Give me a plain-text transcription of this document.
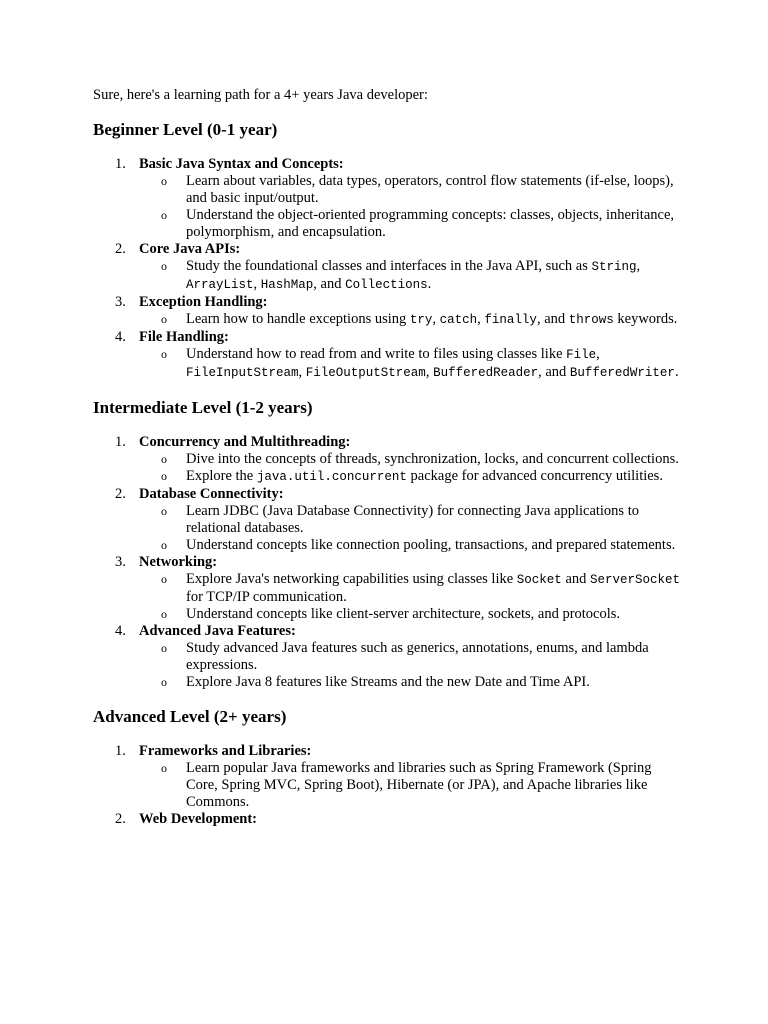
Sure, here's a learning path for a 4+ years Java developer:

Beginner Level (0-1 year)
1. Basic Java Syntax and Concepts:
o Learn about variables, data types, operators, control flow statements (if-else, loops), and basic input/output.
o Understand the object-oriented programming concepts: classes, objects, inheritance, polymorphism, and encapsulation.
2. Core Java APIs:
o Study the foundational classes and interfaces in the Java API, such as String, ArrayList, HashMap, and Collections.
3. Exception Handling:
o Learn how to handle exceptions using try, catch, finally, and throws keywords.
4. File Handling:
o Understand how to read from and write to files using classes like File, FileInputStream, FileOutputStream, BufferedReader, and BufferedWriter.
Intermediate Level (1-2 years)
1. Concurrency and Multithreading:
o Dive into the concepts of threads, synchronization, locks, and concurrent collections.
o Explore the java.util.concurrent package for advanced concurrency utilities.
2. Database Connectivity:
o Learn JDBC (Java Database Connectivity) for connecting Java applications to relational databases.
o Understand concepts like connection pooling, transactions, and prepared statements.
3. Networking:
o Explore Java's networking capabilities using classes like Socket and ServerSocket for TCP/IP communication.
o Understand concepts like client-server architecture, sockets, and protocols.
4. Advanced Java Features:
o Study advanced Java features such as generics, annotations, enums, and lambda expressions.
o Explore Java 8 features like Streams and the new Date and Time API.
Advanced Level (2+ years)
1. Frameworks and Libraries:
o Learn popular Java frameworks and libraries such as Spring Framework (Spring Core, Spring MVC, Spring Boot), Hibernate (or JPA), and Apache libraries like Commons.
2. Web Development:
